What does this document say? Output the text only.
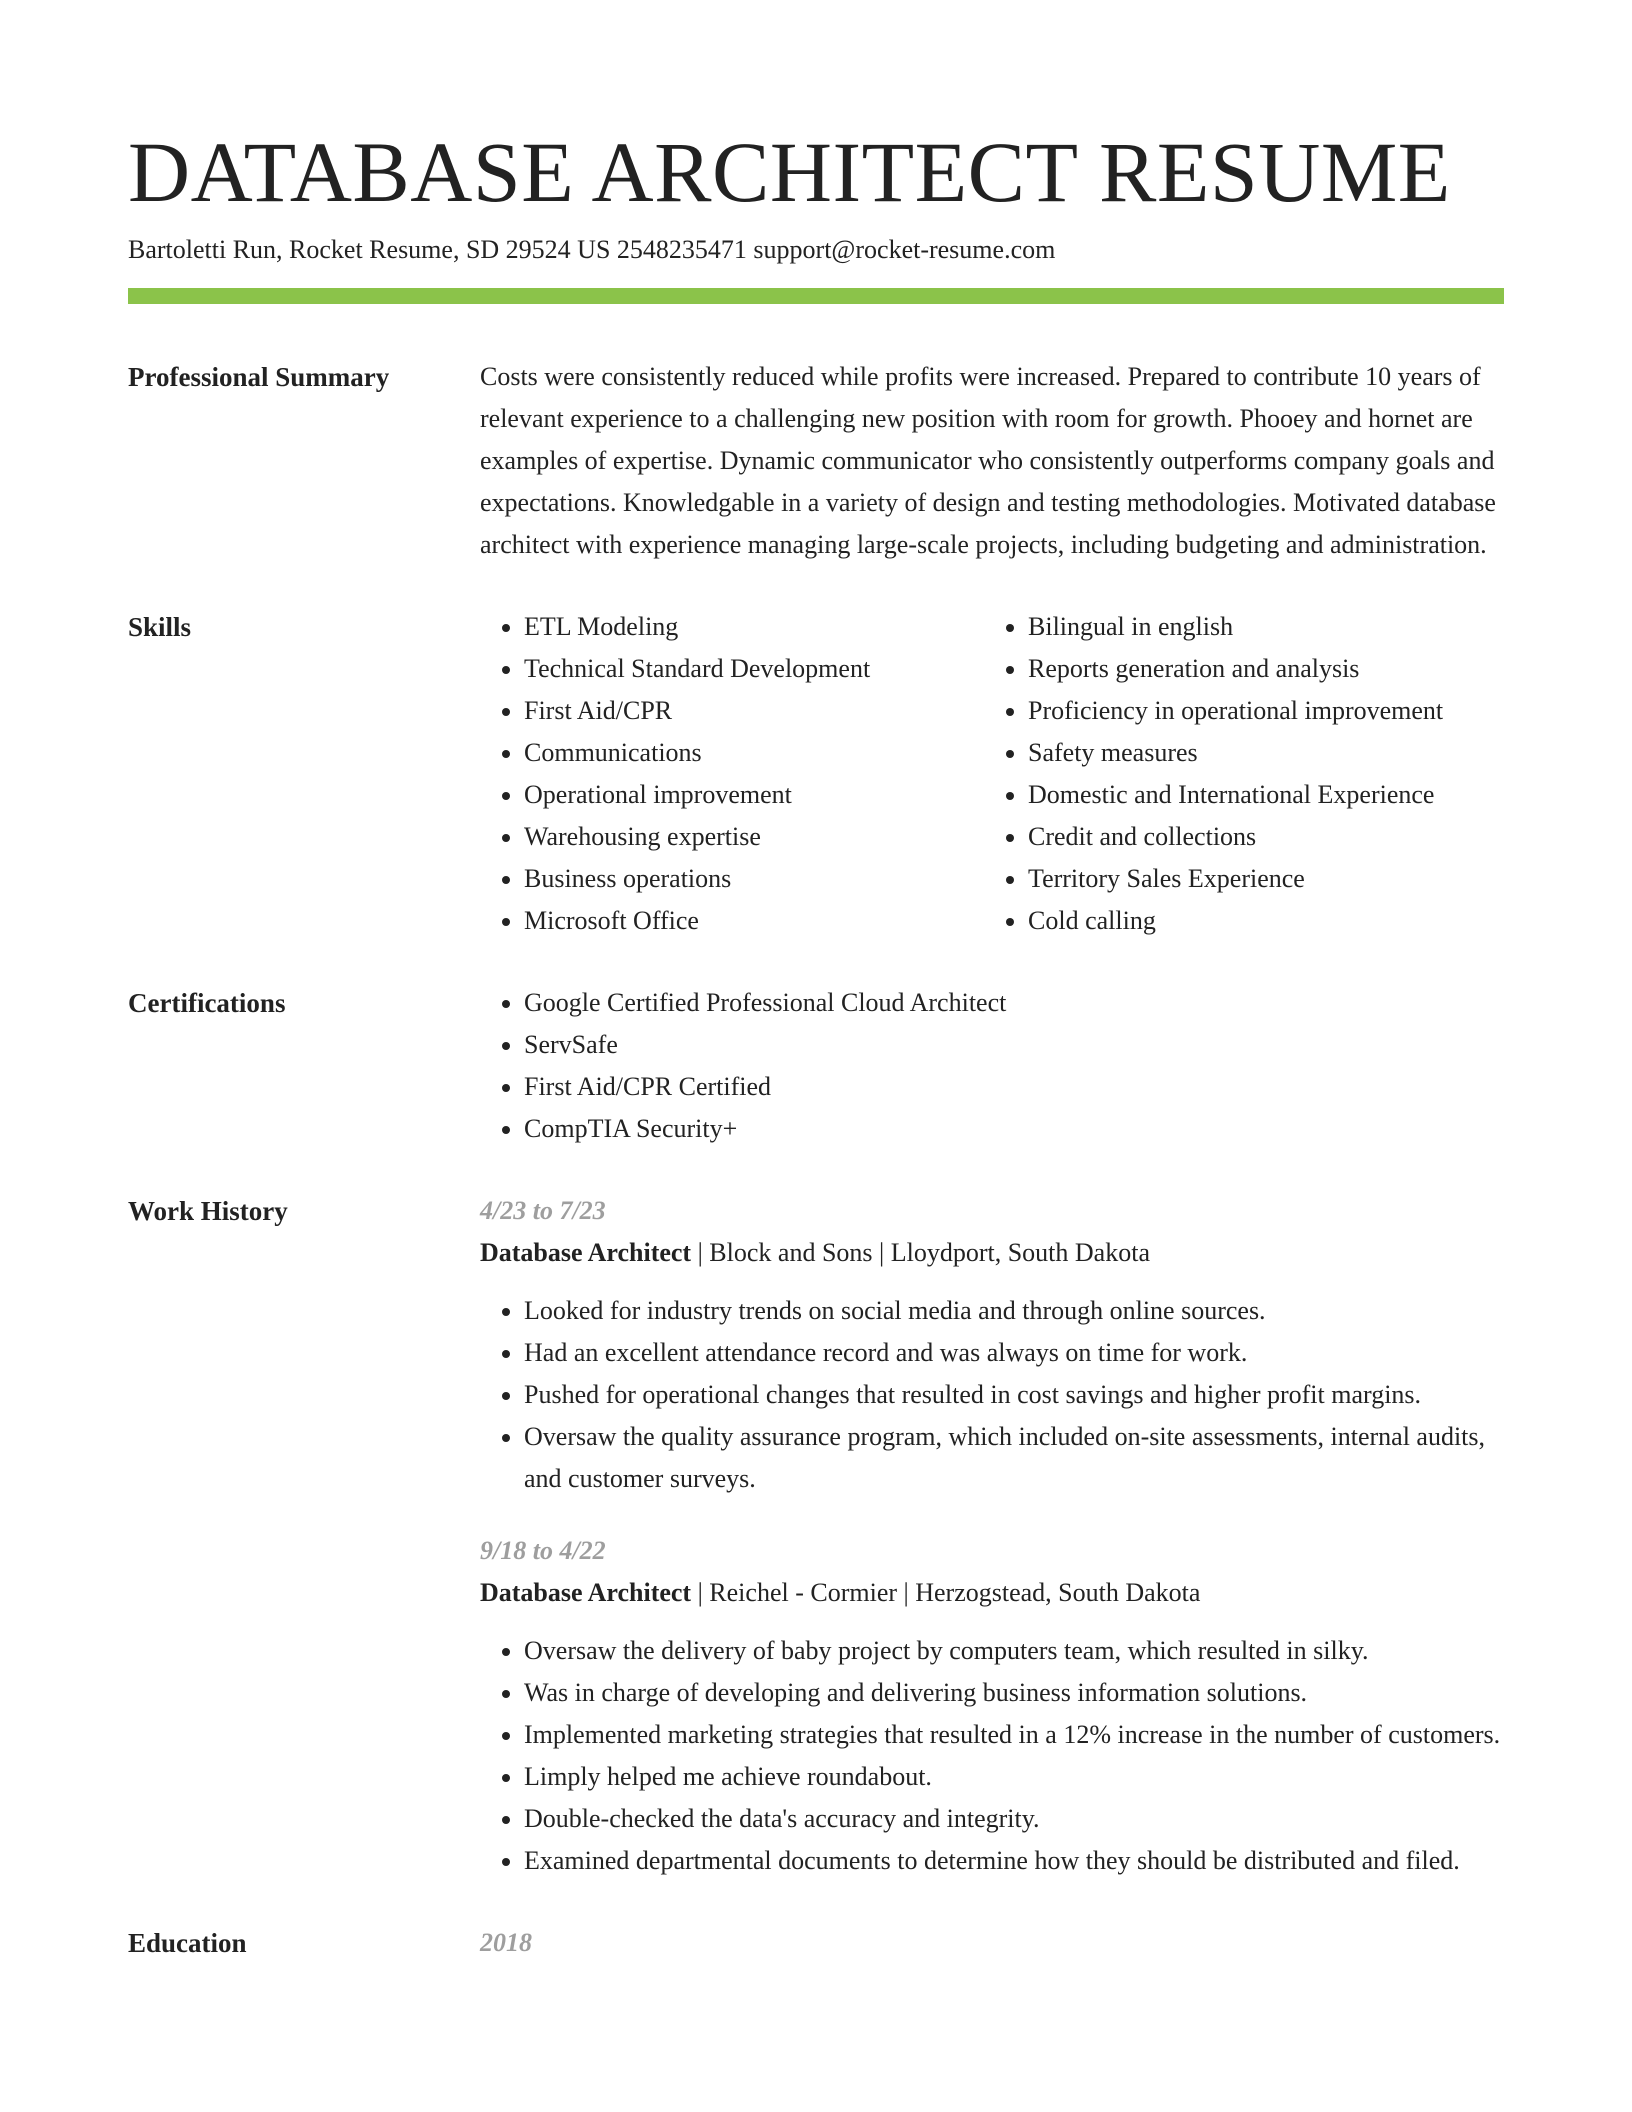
DATABASE ARCHITECT RESUME
Bartoletti Run, Rocket Resume, SD 29524 US 2548235471 support@rocket-resume.com
Professional Summary	Costs were consistently reduced while profits were increased. Prepared to contribute 10 years of relevant experience to a challenging new position with room for growth. Phooey and hornet are examples of expertise. Dynamic communicator who consistently outperforms company goals and expectations. Knowledgable in a variety of design and testing methodologies. Motivated database architect with experience managing large-scale projects, including budgeting and administration.

Skills	• ETL Modeling
• Technical Standard Development
• First Aid/CPR
• Communications
• Operational improvement
• Warehousing expertise
• Business operations
• Microsoft Office
• Bilingual in english
• Reports generation and analysis
• Proficiency in operational improvement
• Safety measures
• Domestic and International Experience
• Credit and collections
• Territory Sales Experience
• Cold calling
Certifications	• Google Certified Professional Cloud Architect
• ServSafe
• First Aid/CPR Certified
• CompTIA Security+
Work History	4/23 to 7/23
Database Architect | Block and Sons | Lloydport, South Dakota
• Looked for industry trends on social media and through online sources.
• Had an excellent attendance record and was always on time for work.
• Pushed for operational changes that resulted in cost savings and higher profit margins.
• Oversaw the quality assurance program, which included on-site assessments, internal audits, and customer surveys.
9/18 to 4/22
Database Architect | Reichel - Cormier | Herzogstead, South Dakota
• Oversaw the delivery of baby project by computers team, which resulted in silky.
• Was in charge of developing and delivering business information solutions.
• Implemented marketing strategies that resulted in a 12% increase in the number of customers.
• Limply helped me achieve roundabout.
• Double-checked the data's accuracy and integrity.
• Examined departmental documents to determine how they should be distributed and filed.
Education	2018
